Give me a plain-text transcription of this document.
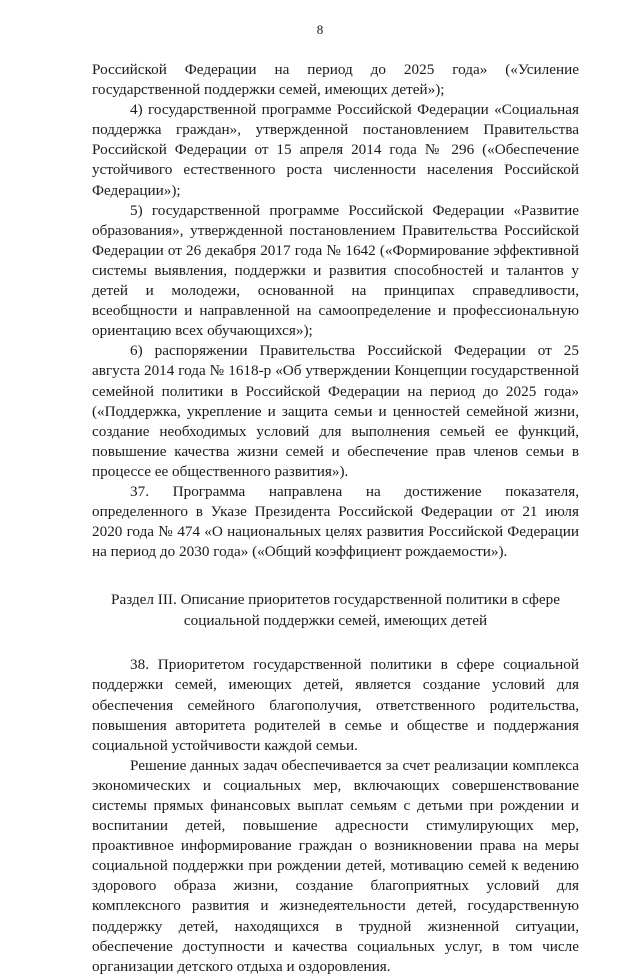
8

Российской Федерации на период до 2025 года» («Усиление государственной поддержки семей, имеющих детей»);

4) государственной программе Российской Федерации «Социальная поддержка граждан», утвержденной постановлением Правительства Российской Федерации от 15 апреля 2014 года № 296 («Обеспечение устойчивого естественного роста численности населения Российской Федерации»);

5) государственной программе Российской Федерации «Развитие образования», утвержденной постановлением Правительства Российской Федерации от 26 декабря 2017 года № 1642 («Формирование эффективной системы выявления, поддержки и развития способностей и талантов у детей и молодежи, основанной на принципах справедливости, всеобщности и направленной на самоопределение и профессиональную ориентацию всех обучающихся»);

6) распоряжении Правительства Российской Федерации от 25 августа 2014 года № 1618-р «Об утверждении Концепции государственной семейной политики в Российской Федерации на период до 2025 года» («Поддержка, укрепление и защита семьи и ценностей семейной жизни, создание необходимых условий для выполнения семьей ее функций, повышение качества жизни семей и обеспечение прав членов семьи в процессе ее общественного развития»).

37. Программа направлена на достижение показателя, определенного в Указе Президента Российской Федерации от 21 июля 2020 года № 474 «О национальных целях развития Российской Федерации на период до 2030 года» («Общий коэффициент рождаемости»).

Раздел III. Описание приоритетов государственной политики в сфере
социальной поддержки семей, имеющих детей

38. Приоритетом государственной политики в сфере социальной поддержки семей, имеющих детей, является создание условий для обеспечения семейного благополучия, ответственного родительства, повышения авторитета родителей в семье и обществе и поддержания социальной устойчивости каждой семьи.

Решение данных задач обеспечивается за счет реализации комплекса экономических и социальных мер, включающих совершенствование системы прямых финансовых выплат семьям с детьми при рождении и воспитании детей, повышение адресности стимулирующих мер, проактивное информирование граждан о возникновении права на меры социальной поддержки при рождении детей, мотивацию семей к ведению здорового образа жизни, создание благоприятных условий для комплексного развития и жизнедеятельности детей, государственную поддержку детей, находящихся в трудной жизненной ситуации, обеспечение доступности и качества социальных услуг, в том числе организации детского отдыха и оздоровления.
